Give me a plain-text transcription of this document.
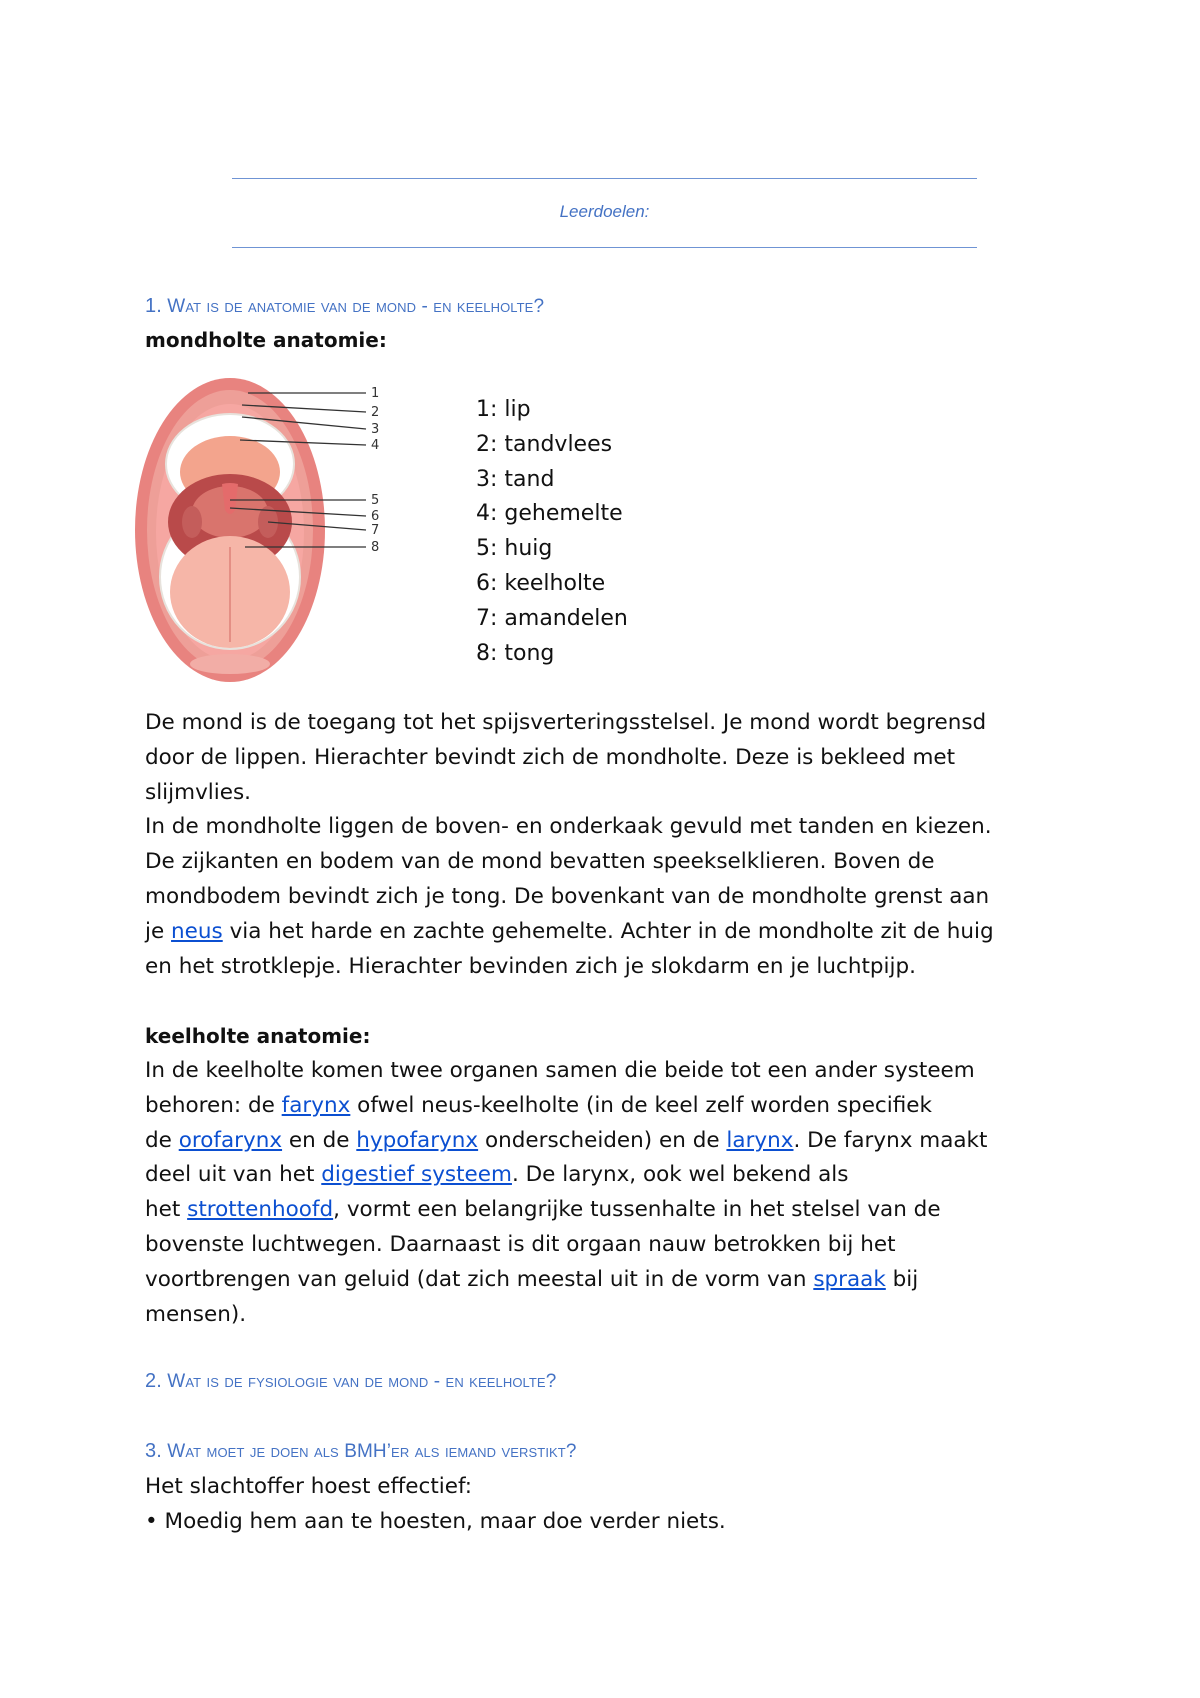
Leerdoelen:
1. Wat is de anatomie van de mond - en keelholte?
mondholte anatomie:
1
2
3
4
5
6
7
8
1: lip
2: tandvlees
3: tand
4: gehemelte
5: huig
6: keelholte
7: amandelen
8: tong
De mond is de toegang tot het spijsverteringsstelsel. Je mond wordt begrensd
door de lippen. Hierachter bevindt zich de mondholte. Deze is bekleed met
slijmvlies.
In de mondholte liggen de boven- en onderkaak gevuld met tanden en kiezen.
De zijkanten en bodem van de mond bevatten speekselklieren. Boven de
mondbodem bevindt zich je tong. De bovenkant van de mondholte grenst aan
je neus via het harde en zachte gehemelte. Achter in de mondholte zit de huig
en het strotklepje. Hierachter bevinden zich je slokdarm en je luchtpijp.
keelholte anatomie:
In de keelholte komen twee organen samen die beide tot een ander systeem
behoren: de farynx ofwel neus-keelholte (in de keel zelf worden specifiek
de orofarynx en de hypofarynx onderscheiden) en de larynx. De farynx maakt
deel uit van het digestief systeem. De larynx, ook wel bekend als
het strottenhoofd, vormt een belangrijke tussenhalte in het stelsel van de
bovenste luchtwegen. Daarnaast is dit orgaan nauw betrokken bij het
voortbrengen van geluid (dat zich meestal uit in de vorm van spraak bij
mensen).
2. Wat is de fysiologie van de mond - en keelholte?
3. Wat moet je doen als BMH’er als iemand verstikt?
Het slachtoffer hoest effectief:
• Moedig hem aan te hoesten, maar doe verder niets.
